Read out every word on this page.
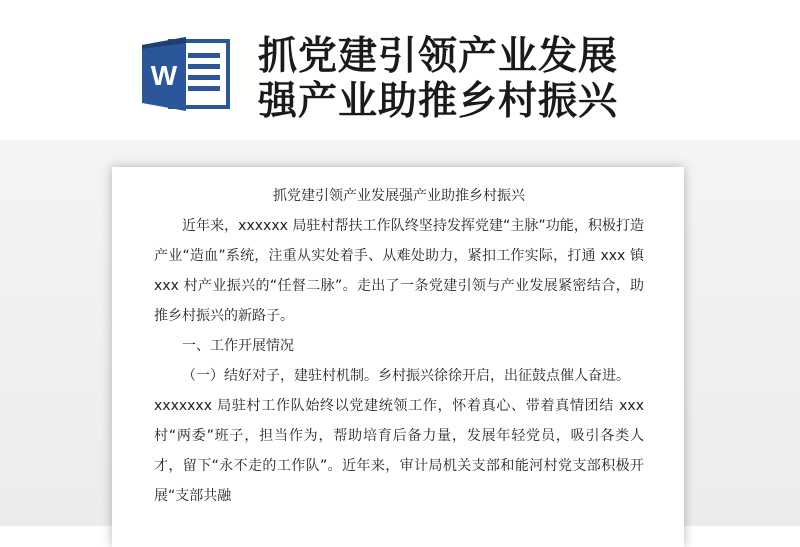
W 抓党建引领产业发展
强产业助推乡村振兴

抓党建引领产业发展强产业助推乡村振兴

近年来，xxxxxx 局驻村帮扶工作队终坚持发挥党建“主脉”功能，积极打造产业“造血”系统，注重从实处着手、从难处助力，紧扣工作实际，打通 xxx 镇 xxx 村产业振兴的“任督二脉”。走出了一条党建引领与产业发展紧密结合，助推乡村振兴的新路子。

一、工作开展情况

（一）结好对子，建驻村机制。乡村振兴徐徐开启，出征鼓点催人奋进。

xxxxxxx 局驻村工作队始终以党建统领工作，怀着真心、带着真情团结 xxx 村“两委”班子，担当作为，帮助培育后备力量，发展年轻党员，吸引各类人才，留下“永不走的工作队”。近年来，审计局机关支部和能河村党支部积极开展“支部共融
